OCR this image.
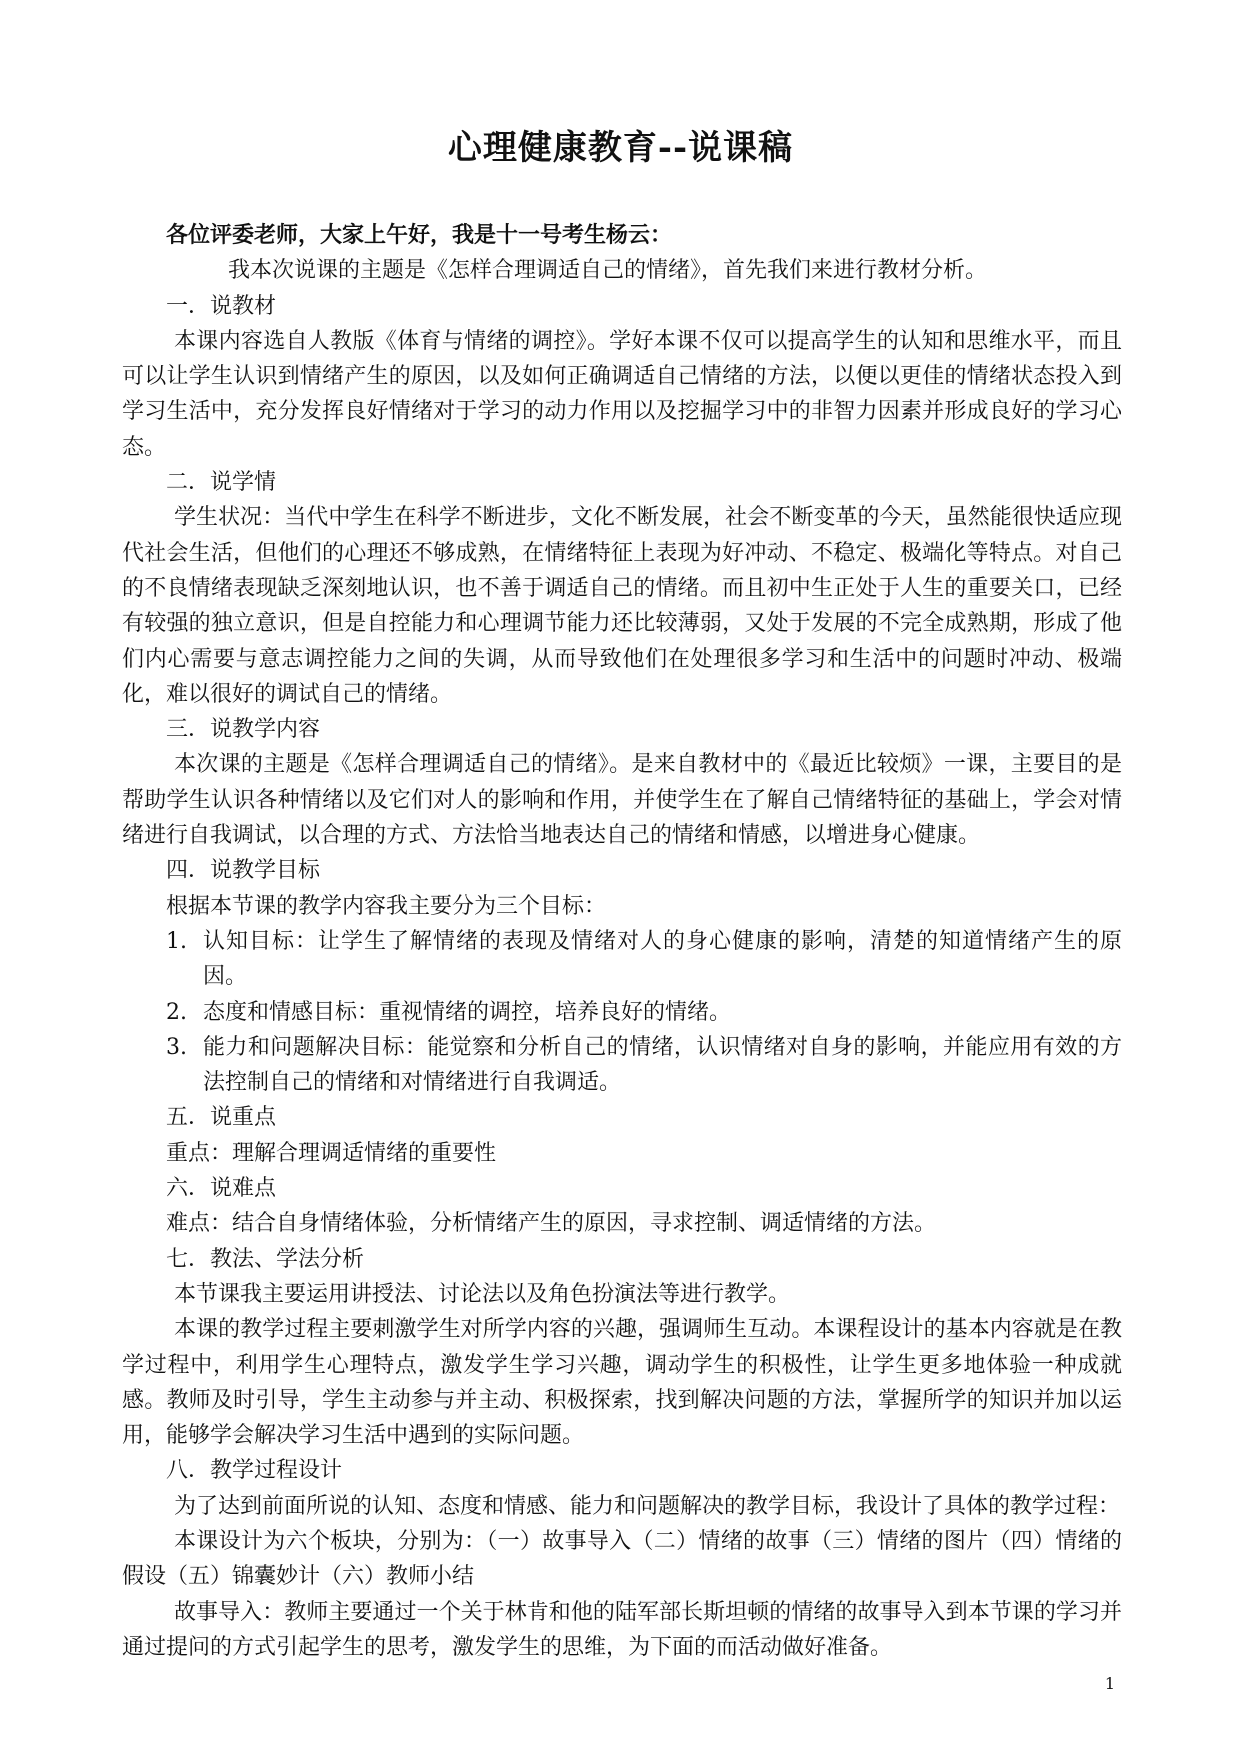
心理健康教育--说课稿

各位评委老师，大家上午好，我是十一号考生杨云：

我本次说课的主题是《怎样合理调适自己的情绪》，首先我们来进行教材分析。

一．说教材

本课内容选自人教版《体育与情绪的调控》。学好本课不仅可以提高学生的认知和思维水平，而且可以让学生认识到情绪产生的原因，以及如何正确调适自己情绪的方法，以便以更佳的情绪状态投入到学习生活中，充分发挥良好情绪对于学习的动力作用以及挖掘学习中的非智力因素并形成良好的学习心态。

二．说学情

学生状况：当代中学生在科学不断进步，文化不断发展，社会不断变革的今天，虽然能很快适应现代社会生活，但他们的心理还不够成熟，在情绪特征上表现为好冲动、不稳定、极端化等特点。对自己的不良情绪表现缺乏深刻地认识，也不善于调适自己的情绪。而且初中生正处于人生的重要关口，已经有较强的独立意识，但是自控能力和心理调节能力还比较薄弱，又处于发展的不完全成熟期，形成了他们内心需要与意志调控能力之间的失调，从而导致他们在处理很多学习和生活中的问题时冲动、极端化，难以很好的调试自己的情绪。

三．说教学内容

本次课的主题是《怎样合理调适自己的情绪》。是来自教材中的《最近比较烦》一课，主要目的是帮助学生认识各种情绪以及它们对人的影响和作用，并使学生在了解自己情绪特征的基础上，学会对情绪进行自我调试，以合理的方式、方法恰当地表达自己的情绪和情感，以增进身心健康。

四．说教学目标

根据本节课的教学内容我主要分为三个目标：

1. 认知目标：让学生了解情绪的表现及情绪对人的身心健康的影响，清楚的知道情绪产生的原因。
2. 态度和情感目标：重视情绪的调控，培养良好的情绪。
3. 能力和问题解决目标：能觉察和分析自己的情绪，认识情绪对自身的影响，并能应用有效的方法控制自己的情绪和对情绪进行自我调适。

五．说重点

重点：理解合理调适情绪的重要性

六．说难点

难点：结合自身情绪体验，分析情绪产生的原因，寻求控制、调适情绪的方法。

七．教法、学法分析

本节课我主要运用讲授法、讨论法以及角色扮演法等进行教学。

本课的教学过程主要刺激学生对所学内容的兴趣，强调师生互动。本课程设计的基本内容就是在教学过程中，利用学生心理特点，激发学生学习兴趣，调动学生的积极性，让学生更多地体验一种成就感。教师及时引导，学生主动参与并主动、积极探索，找到解决问题的方法，掌握所学的知识并加以运用，能够学会解决学习生活中遇到的实际问题。

八．教学过程设计

为了达到前面所说的认知、态度和情感、能力和问题解决的教学目标，我设计了具体的教学过程：

本课设计为六个板块，分别为：（一）故事导入（二）情绪的故事（三）情绪的图片（四）情绪的假设（五）锦囊妙计（六）教师小结

故事导入：教师主要通过一个关于林肯和他的陆军部长斯坦顿的情绪的故事导入到本节课的学习并通过提问的方式引起学生的思考，激发学生的思维，为下面的而活动做好准备。

1
